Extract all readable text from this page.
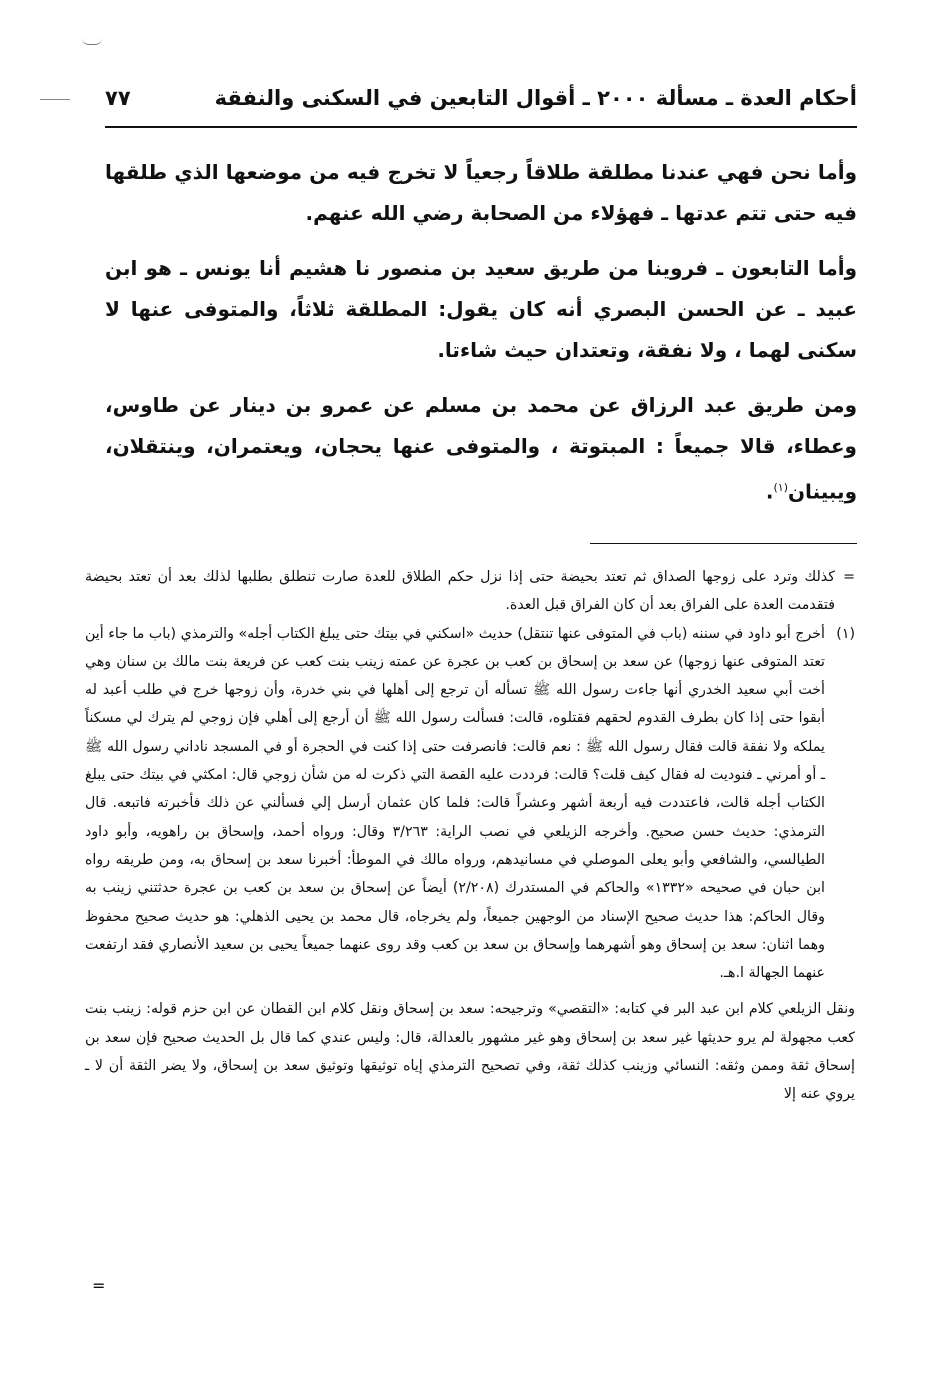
أحكام العدة ـ مسألة ٢٠٠٠ ـ أقوال التابعين في السكنى والنفقة
٧٧

وأما نحن فهي عندنا مطلقة طلاقاً رجعياً لا تخرج فيه من موضعها الذي طلقها فيه حتى تتم عدتها ـ فهؤلاء من الصحابة رضي الله عنهم.

وأما التابعون ـ فروينا من طريق سعيد بن منصور نا هشيم أنا يونس ـ هو ابن عبيد ـ عن الحسن البصري أنه كان يقول: المطلقة ثلاثاً، والمتوفى عنها لا سكنى لهما ، ولا نفقة، وتعتدان حيث شاءتا.

ومن طريق عبد الرزاق عن محمد بن مسلم عن عمرو بن دينار عن طاوس، وعطاء، قالا جميعاً : المبتوتة ، والمتوفى عنها يحجان، ويعتمران، وينتقلان، ويبينان$^{(١)}$.

=
كذلك وترد على زوجها الصداق ثم تعتد بحيضة حتى إذا نزل حكم الطلاق للعدة صارت تنطلق بطلبها لذلك بعد أن تعتد بحيضة فتقدمت العدة على الفراق بعد أن كان الفراق قبل العدة.

(١)
أخرج أبو داود في سننه (باب في المتوفى عنها تنتقل) حديث «اسكني في بيتك حتى يبلغ الكتاب أجله» والترمذي (باب ما جاء أين تعتد المتوفى عنها زوجها) عن سعد بن إسحاق بن كعب بن عجرة عن عمته زينب بنت كعب عن فريعة بنت مالك بن سنان وهي أخت أبي سعيد الخدري أنها جاءت رسول الله ﷺ تسأله أن ترجع إلى أهلها في بني خدرة، وأن زوجها خرج في طلب أعبد له أبقوا حتى إذا كان بطرف القدوم لحقهم فقتلوه، قالت: فسألت رسول الله ﷺ أن أرجع إلى أهلي فإن زوجي لم يترك لي مسكناً يملكه ولا نفقة قالت فقال رسول الله ﷺ : نعم قالت: فانصرفت حتى إذا كنت في الحجرة أو في المسجد ناداني رسول الله ﷺ ـ أو أمرني ـ فنوديت له فقال كيف قلت؟ قالت: فرددت عليه القصة التي ذكرت له من شأن زوجي قال: امكثي في بيتك حتى يبلغ الكتاب أجله قالت، فاعتددت فيه أربعة أشهر وعشراً قالت: فلما كان عثمان أرسل إلي فسألني عن ذلك فأخبرته فاتبعه. قال الترمذي: حديث حسن صحيح. وأخرجه الزيلعي في نصب الراية: ٣/٢٦٣ وقال: ورواه أحمد، وإسحاق بن راهويه، وأبو داود الطيالسي، والشافعي وأبو يعلى الموصلي في مسانيدهم، ورواه مالك في الموطأ: أخبرنا سعد بن إسحاق به، ومن طريقه رواه ابن حبان في صحيحه «١٣٣٢» والحاكم في المستدرك (٢/٢٠٨) أيضاً عن إسحاق بن سعد بن كعب بن عجرة حدثتني زينب به وقال الحاكم: هذا حديث صحيح الإسناد من الوجهين جميعاً، ولم يخرجاه، قال محمد بن يحيى الذهلي: هو حديث صحيح محفوظ وهما اثنان: سعد بن إسحاق وهو أشهرهما وإسحاق بن سعد بن كعب وقد روى عنهما جميعاً يحيى بن سعيد الأنصاري فقد ارتفعت عنهما الجهالة ا.هـ.

ونقل الزيلعي كلام ابن عبد البر في كتابه: «التقصي» وترجيحه: سعد بن إسحاق ونقل كلام ابن القطان عن ابن حزم قوله: زينب بنت كعب مجهولة لم يرو حديثها غير سعد بن إسحاق وهو غير مشهور بالعدالة، قال: وليس عندي كما قال بل الحديث صحيح فإن سعد بن إسحاق ثقة وممن وثقه: النسائي وزينب كذلك ثقة، وفي تصحيح الترمذي إياه توثيقها وتوثيق سعد بن إسحاق، ولا يضر الثقة أن لا ـ يروي عنه إلا

=
